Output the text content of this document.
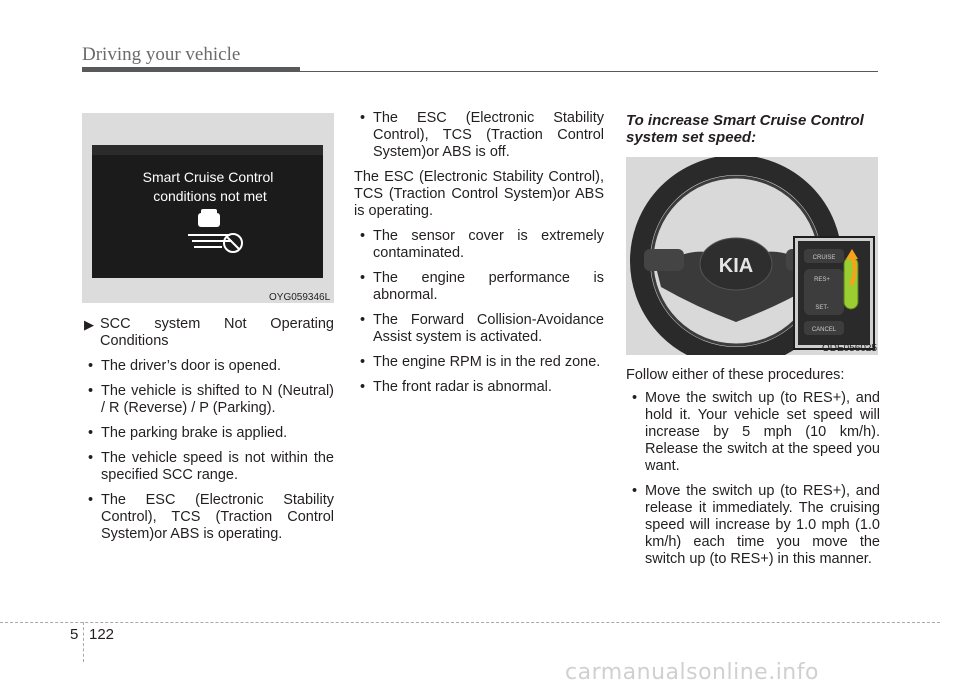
Driving your vehicle
Smart Cruise Control
conditions not met
OYG059346L
▶ SCC system Not Operating Conditions
• The driver’s door is opened.
• The vehicle is shifted to N (Neutral) / R (Reverse) / P (Parking).
• The parking brake is applied.
• The vehicle speed is not within the specified SCC range.
• The ESC (Electronic Stability Control), TCS (Traction Control System)or ABS is operating.
• The ESC (Electronic Stability Control), TCS (Traction Control System)or ABS is off.

The ESC (Electronic Stability Control), TCS (Traction Control System)or ABS is operating.

• The sensor cover is extremely contaminated.
• The engine performance is abnormal.
• The Forward Collision-Avoidance Assist system is activated.
• The engine RPM is in the red zone.
• The front radar is abnormal.
To increase Smart Cruise Control
system set speed:
KIA	CRUISE
RES+
SET-
CANCEL
ODE056025

Follow either of these procedures:

• Move the switch up (to RES+), and hold it. Your vehicle set speed will increase by 5 mph (10 km/h). Release the switch at the speed you want.
• Move the switch up (to RES+), and release it immediately. The cruising speed will increase by 1.0 mph (1.0 km/h) each time you move the switch up (to RES+) in this manner.
5 122
carmanualsonline.info
